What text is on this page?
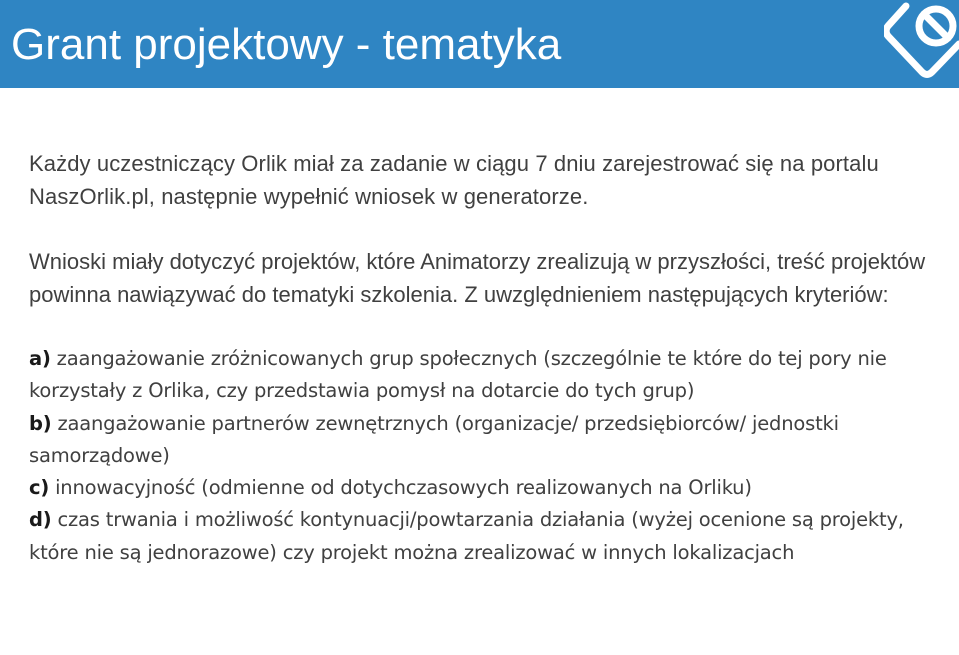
Grant projektowy - tematyka

Każdy uczestniczący Orlik miał za zadanie w ciągu 7 dniu zarejestrować się na portalu NaszOrlik.pl, następnie wypełnić wniosek w generatorze.

Wnioski miały dotyczyć projektów, które Animatorzy zrealizują w przyszłości, treść projektów powinna nawiązywać do tematyki szkolenia. Z uwzględnieniem następujących kryteriów:

a) zaangażowanie zróżnicowanych grup społecznych (szczególnie te które do tej pory nie korzystały z Orlika, czy przedstawia pomysł na dotarcie do tych grup)

b) zaangażowanie partnerów zewnętrznych (organizacje/ przedsiębiorców/ jednostki samorządowe)

c) innowacyjność (odmienne od dotychczasowych realizowanych na Orliku)

d) czas trwania i możliwość kontynuacji/powtarzania działania (wyżej ocenione są projekty, które nie są jednorazowe) czy projekt można zrealizować w innych lokalizacjach
